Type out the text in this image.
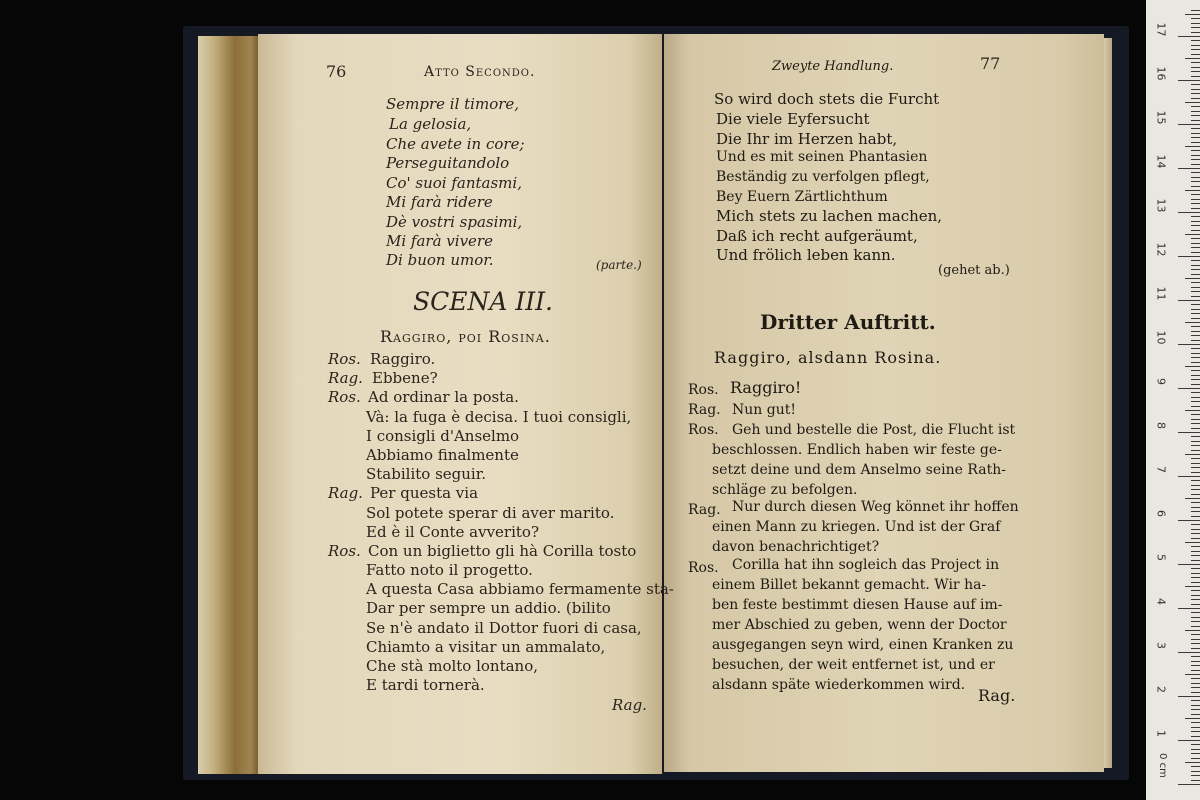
76	Atto Secondo.
Sempre il timore,
La gelosia,
Che avete in core;
Perseguitandolo
Co' suoi fantasmi,
Mi farà ridere
Dè vostri spasimi,
Mi farà vivere
Di buon umor.	(parte.)
SCENA III.
Raggiro, poi Rosina.
Ros. Raggiro.
Rag. Ebbene?
Ros. Ad ordinar la posta.
Và: la fuga è decisa. I tuoi consigli,
I consigli d'Anselmo
Abbiamo finalmente
Stabilito seguir.
Rag. Per questa via
Sol potete sperar di aver marito.
Ed è il Conte avverito?
Ros. Con un biglietto gli hà Corilla tosto
Fatto noto il progetto.
A questa Casa abbiamo fermamente sta-
Dar per sempre un addio. (bilito
Se n'è andato il Dottor fuori di casa,
Chiamto a visitar un ammalato,
Che stà molto lontano,
E tardi tornerà.
Rag.
Zweyte Handlung.	77
So wird doch stets die Furcht
Die viele Eyfersucht
Die Ihr im Herzen habt,
Und es mit seinen Phantasien
Beständig zu verfolgen pflegt,
Bey Euern Zärtlichthum
Mich stets zu lachen machen,
Daß ich recht aufgeräumt,
Und frölich leben kann.
(gehet ab.)
Dritter Auftritt.
Raggiro, alsdann Rosina.
Ros. Raggiro!
Rag. Nun gut!
Ros. Geh und bestelle die Post, die Flucht ist
beschlossen. Endlich haben wir feste ge-
setzt deine und dem Anselmo seine Rath-
schläge zu befolgen.
Rag. Nur durch diesen Weg könnet ihr hoffen
einen Mann zu kriegen. Und ist der Graf
davon benachrichtiget?
Ros. Corilla hat ihn sogleich das Project in
einem Billet bekannt gemacht. Wir ha-
ben feste bestimmt diesen Hause auf im-
mer Abschied zu geben, wenn der Doctor
ausgegangen seyn wird, einen Kranken zu
besuchen, der weit entfernet ist, und er
alsdann späte wiederkommen wird.
Rag.
0 cm
1
2
3
4
5
6
7
8
9
10
11
12
13
14
15
16
17
